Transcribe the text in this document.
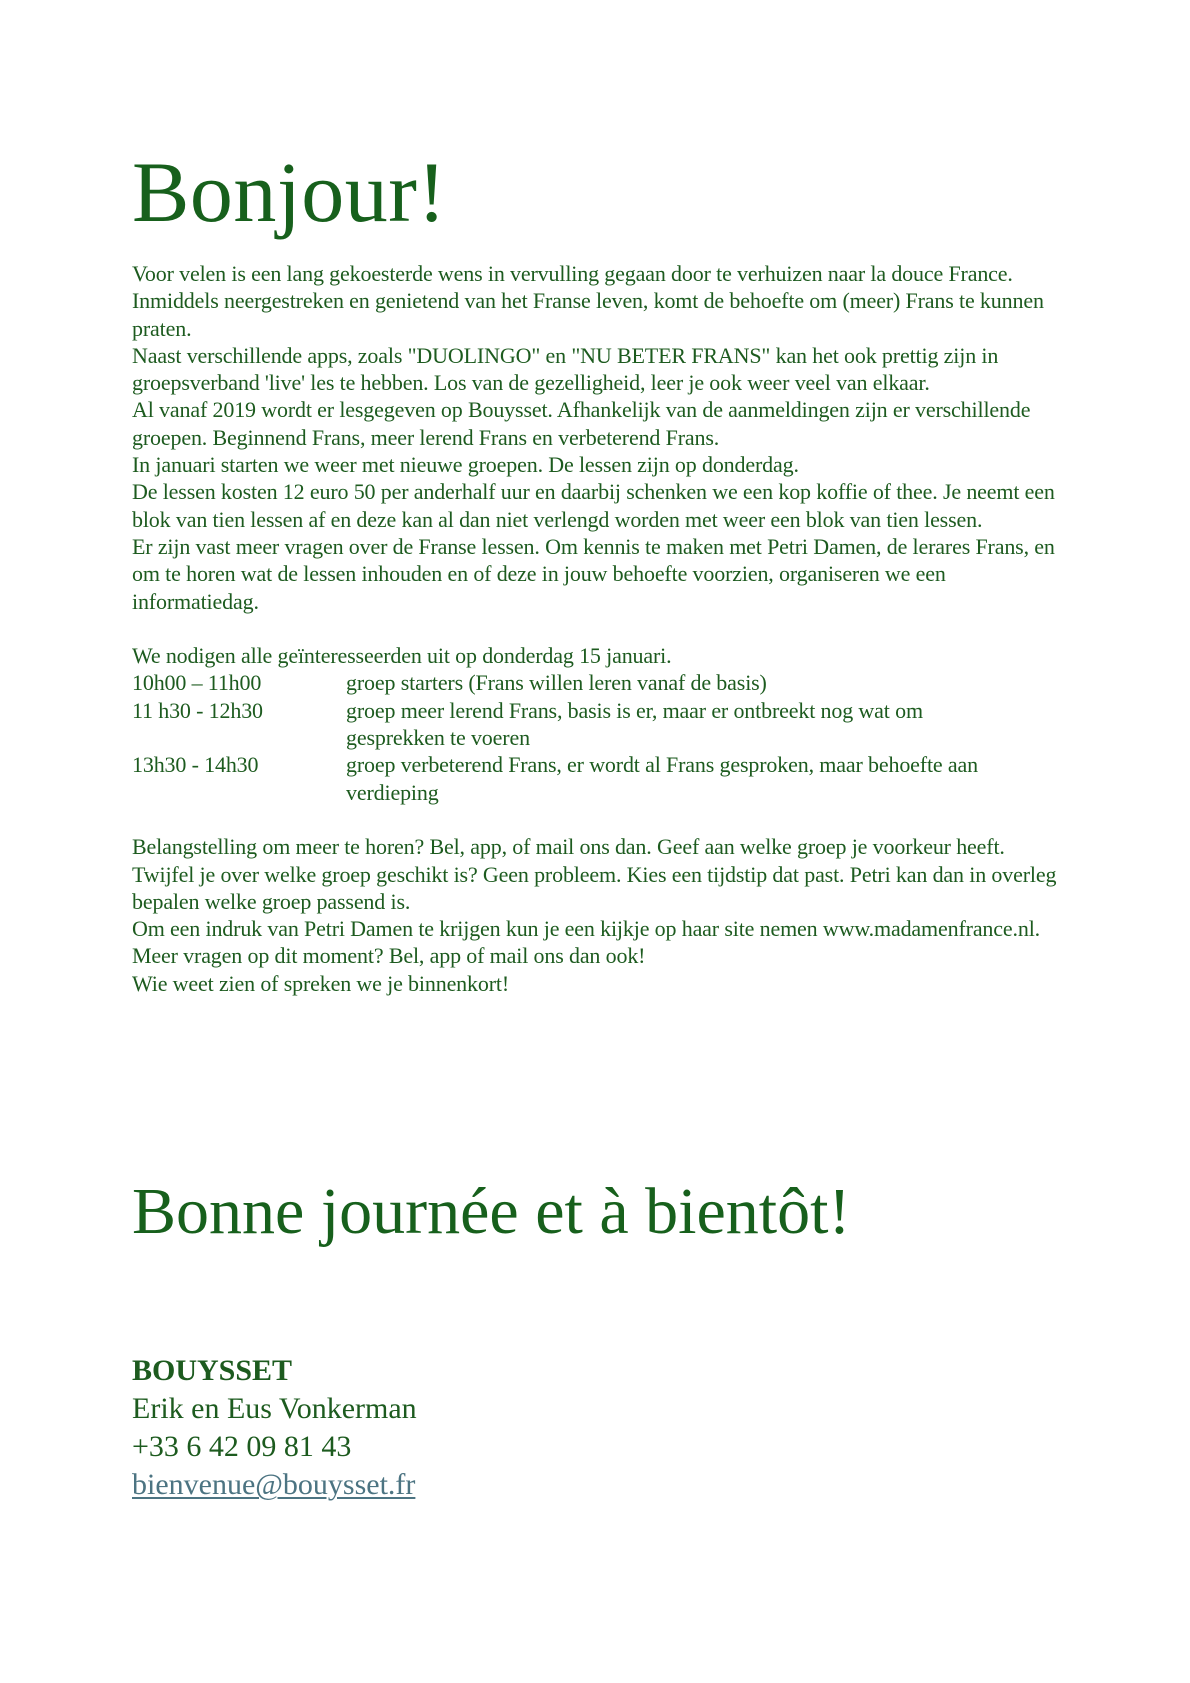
Bonjour!

Voor velen is een lang gekoesterde wens in vervulling gegaan door te verhuizen naar la douce France.

Inmiddels neergestreken en genietend van het Franse leven, komt de behoefte om (meer) Frans te kunnen praten.

Naast verschillende apps, zoals "DUOLINGO" en "NU BETER FRANS" kan het ook prettig zijn in groepsverband 'live' les te hebben. Los van de gezelligheid, leer je ook weer veel van elkaar.

Al vanaf 2019 wordt er lesgegeven op Bouysset. Afhankelijk van de aanmeldingen zijn er verschillende groepen. Beginnend Frans, meer lerend Frans en verbeterend Frans.

In januari starten we weer met nieuwe groepen. De lessen zijn op donderdag.

De lessen kosten 12 euro 50 per anderhalf uur en daarbij schenken we een kop koffie of thee. Je neemt een blok van tien lessen af en deze kan al dan niet verlengd worden met weer een blok van tien lessen.

Er zijn vast meer vragen over de Franse lessen. Om kennis te maken met Petri Damen, de lerares Frans, en om te horen wat de lessen inhouden en of deze in jouw behoefte voorzien, organiseren we een informatiedag.

We nodigen alle geïnteresseerden uit op donderdag 15 januari.

10h00 – 11h00	groep starters (Frans willen leren vanaf de basis)
11 h30 - 12h30	groep meer lerend Frans, basis is er, maar er ontbreekt nog wat om gesprekken te voeren
13h30 - 14h30	groep verbeterend Frans, er wordt al Frans gesproken, maar behoefte aan verdieping

Belangstelling om meer te horen? Bel, app, of mail ons dan. Geef aan welke groep je voorkeur heeft. Twijfel je over welke groep geschikt is? Geen probleem. Kies een tijdstip dat past. Petri kan dan in overleg bepalen welke groep passend is.

Om een indruk van Petri Damen te krijgen kun je een kijkje op haar site nemen www.madamenfrance.nl.

Meer vragen op dit moment? Bel, app of mail ons dan ook!

Wie weet zien of spreken we je binnenkort!

Bonne journée et à bientôt!
BOUYSSET
Erik en Eus Vonkerman
+33 6 42 09 81 43
bienvenue@bouysset.fr
